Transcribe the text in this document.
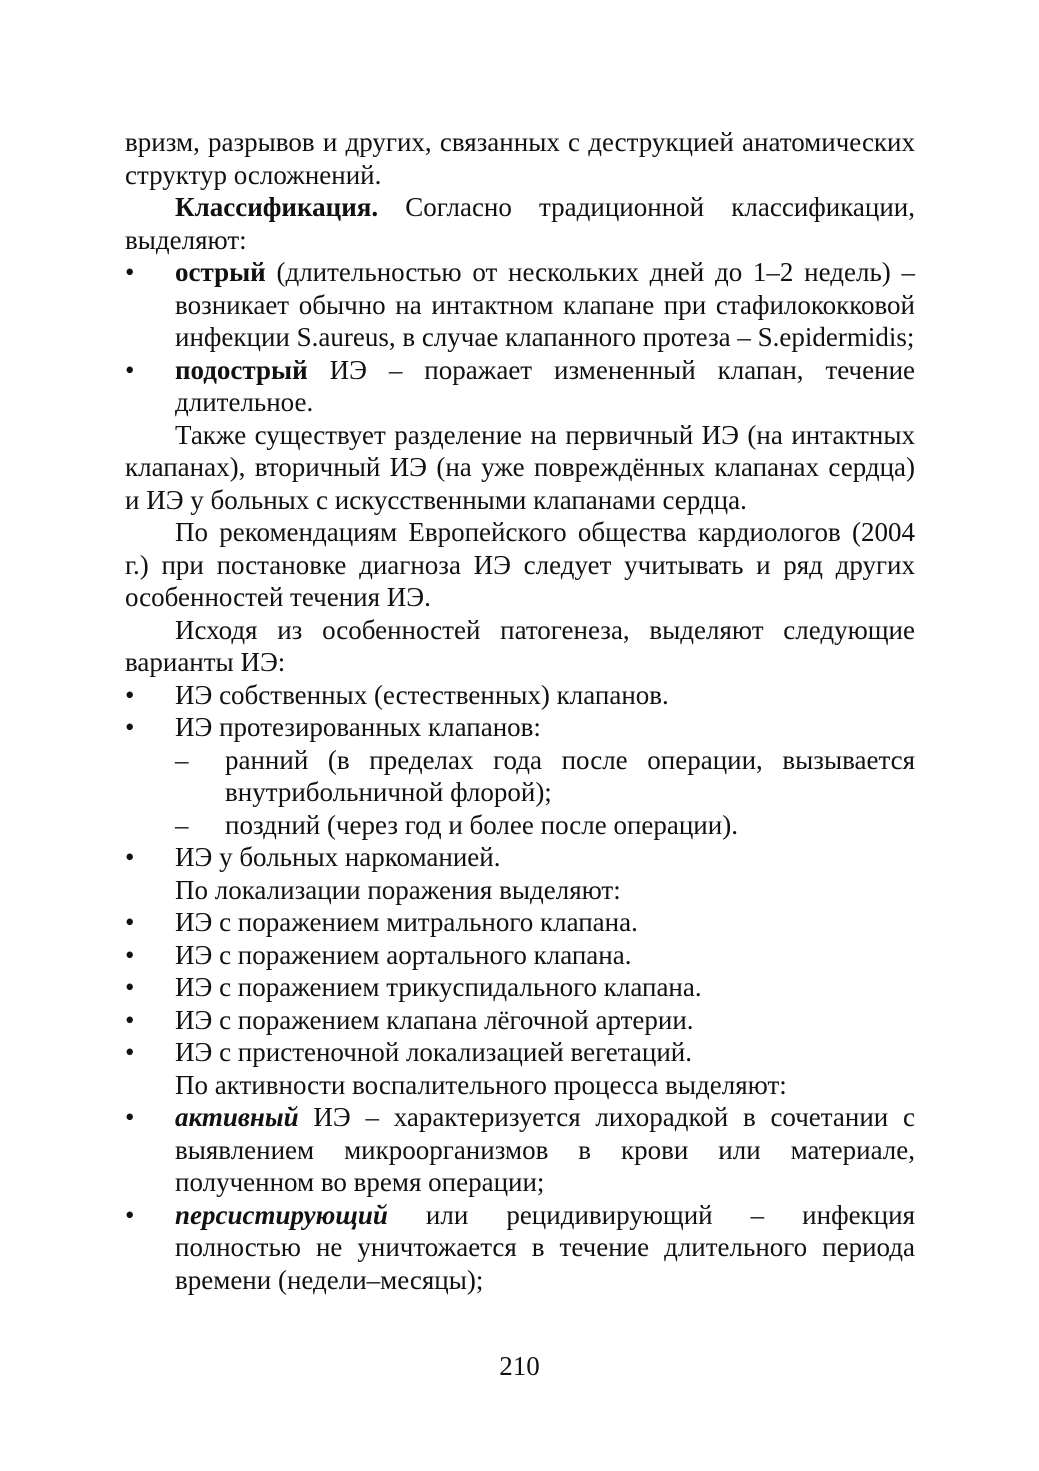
вризм, разрывов и других, связанных с деструкцией анатомических структур осложнений.

Классификация. Согласно традиционной классификации, выделяют:

•	острый (длительностью от нескольких дней до 1–2 недель) – возникает обычно на интактном клапане при стафилококковой инфекции S.aureus, в случае клапанного протеза – S.epidermidis;
•	подострый ИЭ – поражает измененный клапан, течение длительное.

Также существует разделение на первичный ИЭ (на интактных клапанах), вторичный ИЭ (на уже повреждённых клапанах сердца) и ИЭ у больных с искусственными клапанами сердца.

По рекомендациям Европейского общества кардиологов (2004 г.) при постановке диагноза ИЭ следует учитывать и ряд других особенностей течения ИЭ.

Исходя из особенностей патогенеза, выделяют следующие варианты ИЭ:

•	ИЭ собственных (естественных) клапанов.
•	ИЭ протезированных клапанов:
–	ранний (в пределах года после операции, вызывается внутрибольничной флорой);
–	поздний (через год и более после операции).
•	ИЭ у больных наркоманией.

По локализации поражения выделяют:

•	ИЭ с поражением митрального клапана.
•	ИЭ с поражением аортального клапана.
•	ИЭ с поражением трикуспидального клапана.
•	ИЭ с поражением клапана лёгочной артерии.
•	ИЭ с пристеночной локализацией вегетаций.

По активности воспалительного процесса выделяют:

•	активный ИЭ – характеризуется лихорадкой в сочетании с выявлением микроорганизмов в крови или материале, полученном во время операции;
•	персистирующий или рецидивирующий – инфекция полностью не уничтожается в течение длительного периода времени (недели–месяцы);
210
